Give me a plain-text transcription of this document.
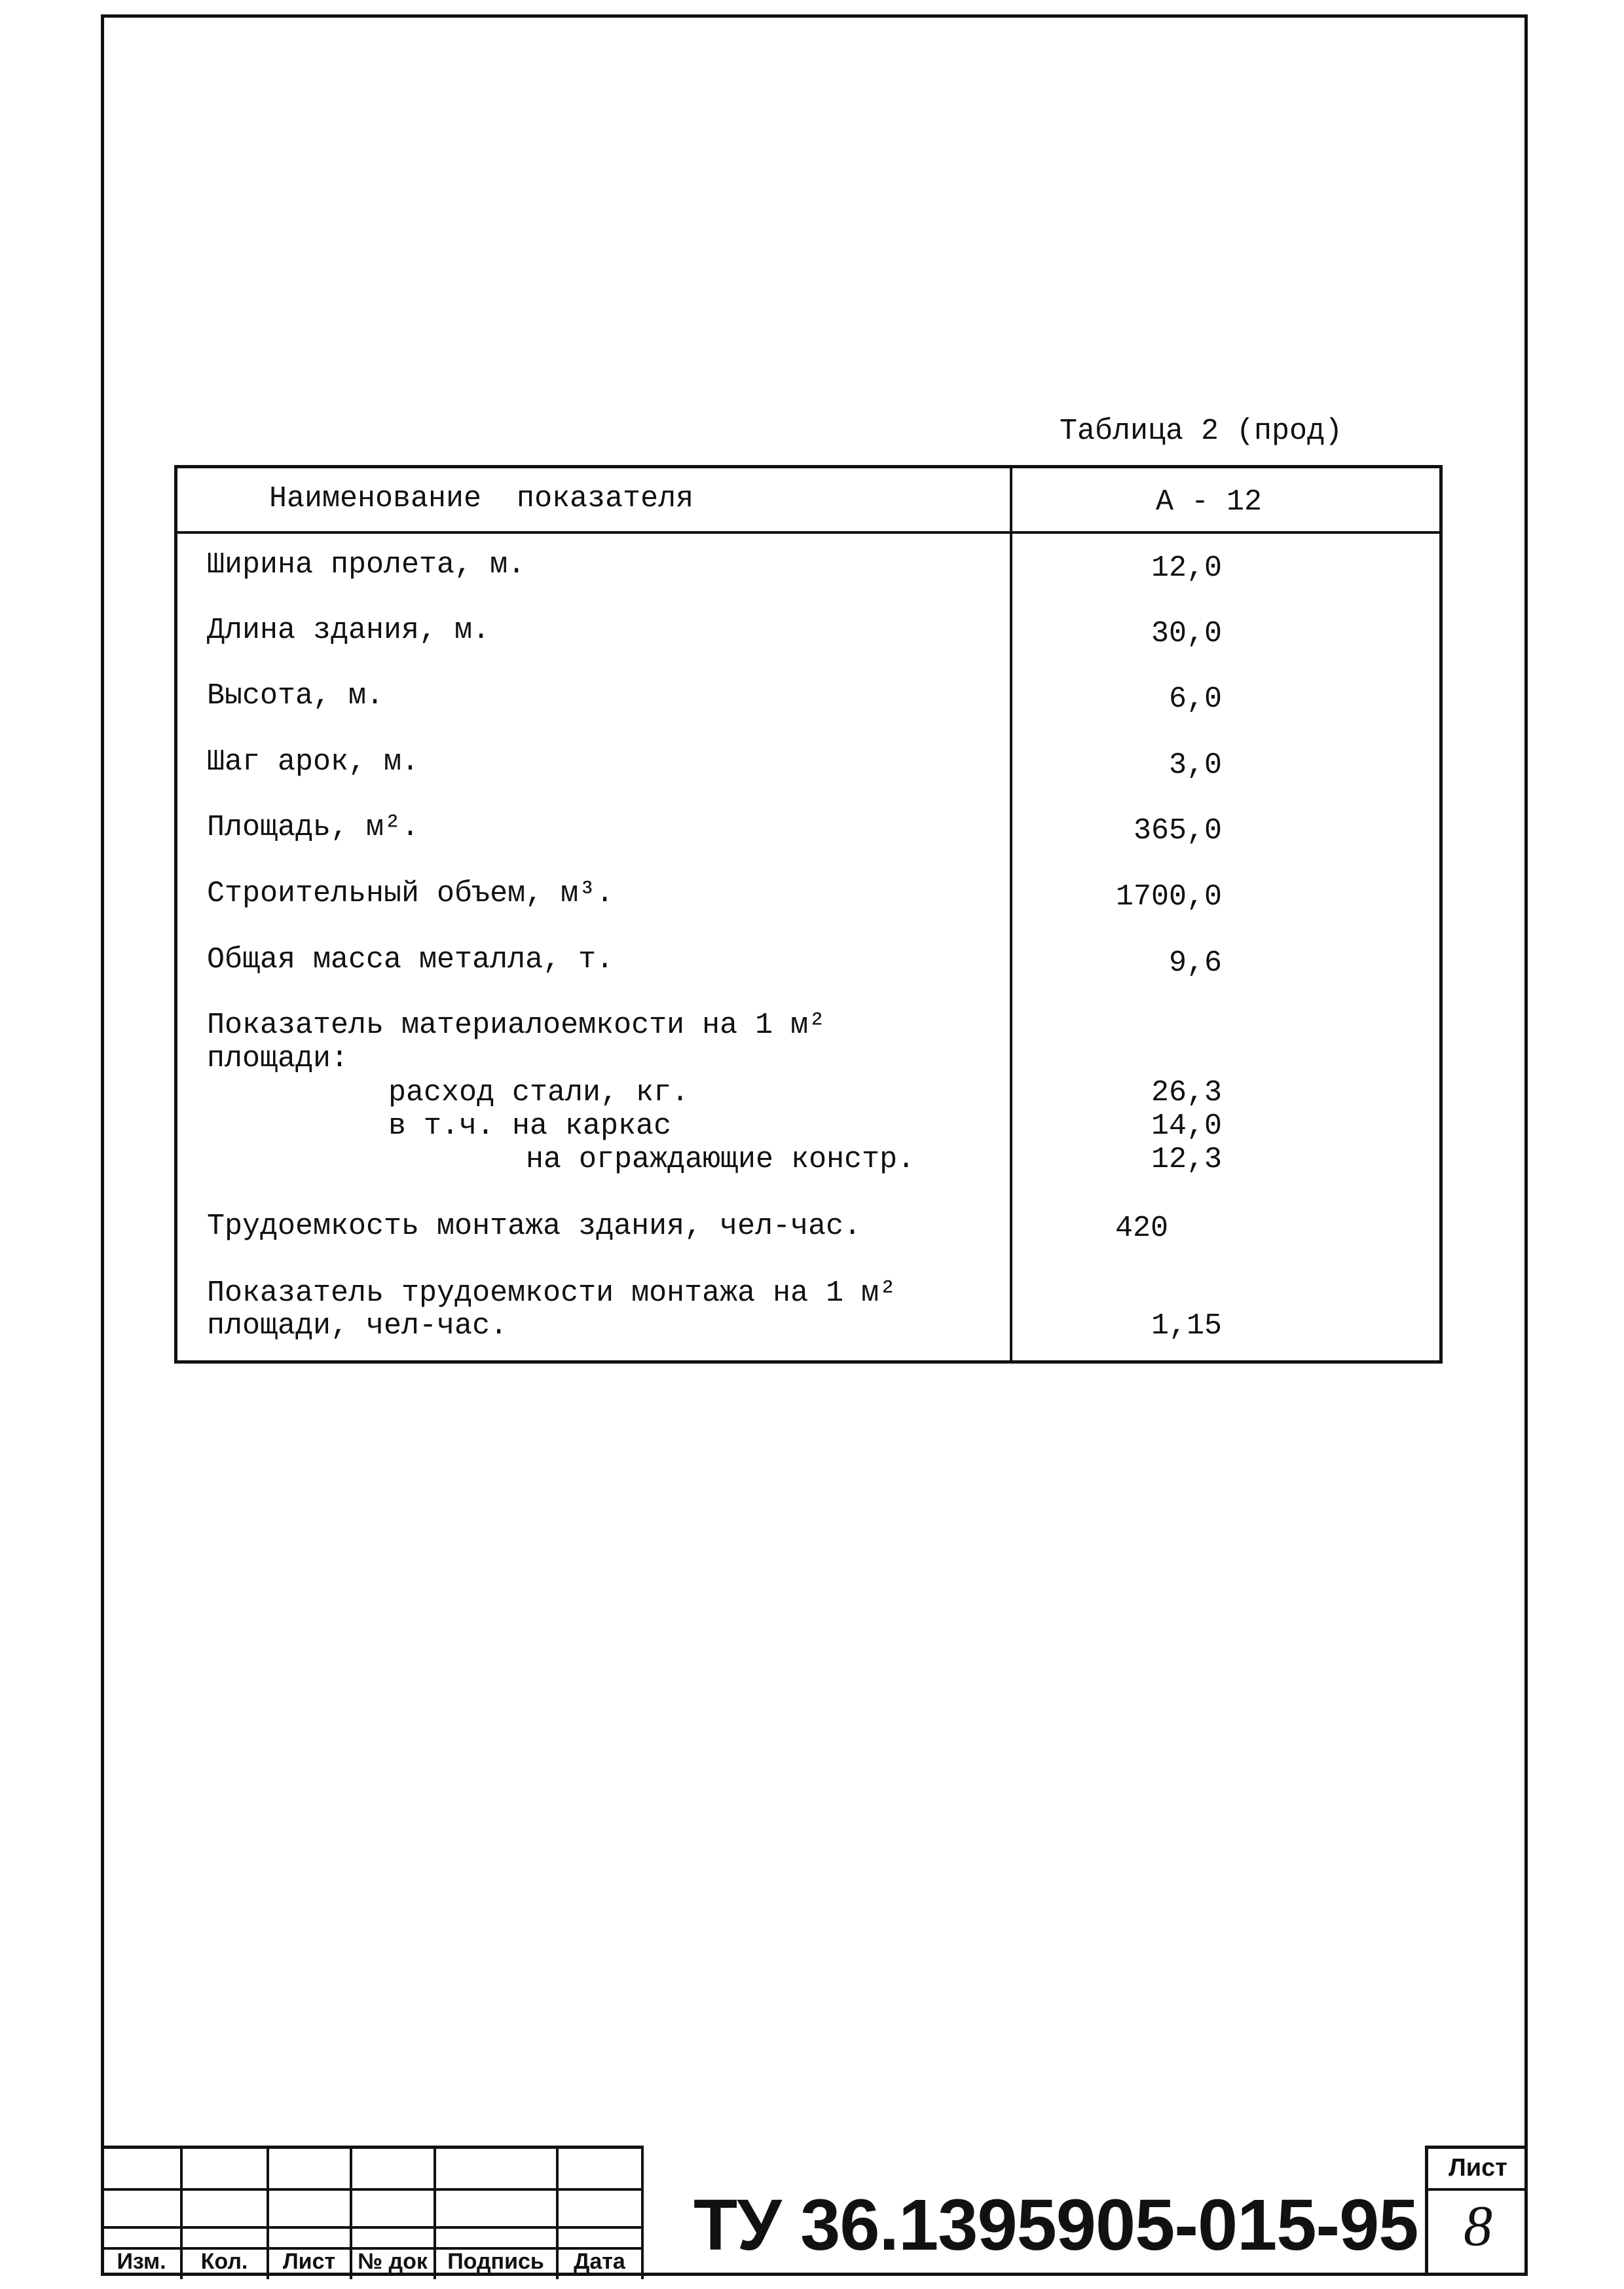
Таблица 2 (прод)
Наименование  показателя	А - 12
Ширина пролета, м.	12,0
Длина здания, м.	30,0
Высота, м.	6,0
Шаг арок, м.	3,0
Площадь, м².	365,0
Строительный объем, м³.	1700,0
Общая масса металла, т.	9,6
Показатель материалоемкости на 1 м²
площади:
расход стали, кг.	26,3
в т.ч. на каркас	14,0
на ограждающие констр.	12,3
Трудоемкость монтажа здания, чел-час.	420
Показатель трудоемкости монтажа на 1 м²
площади, чел-час.	1,15
Изм.	Кол.	Лист № док Подпись	Дата ТУ 36.1395905-015-95
Лист
8
